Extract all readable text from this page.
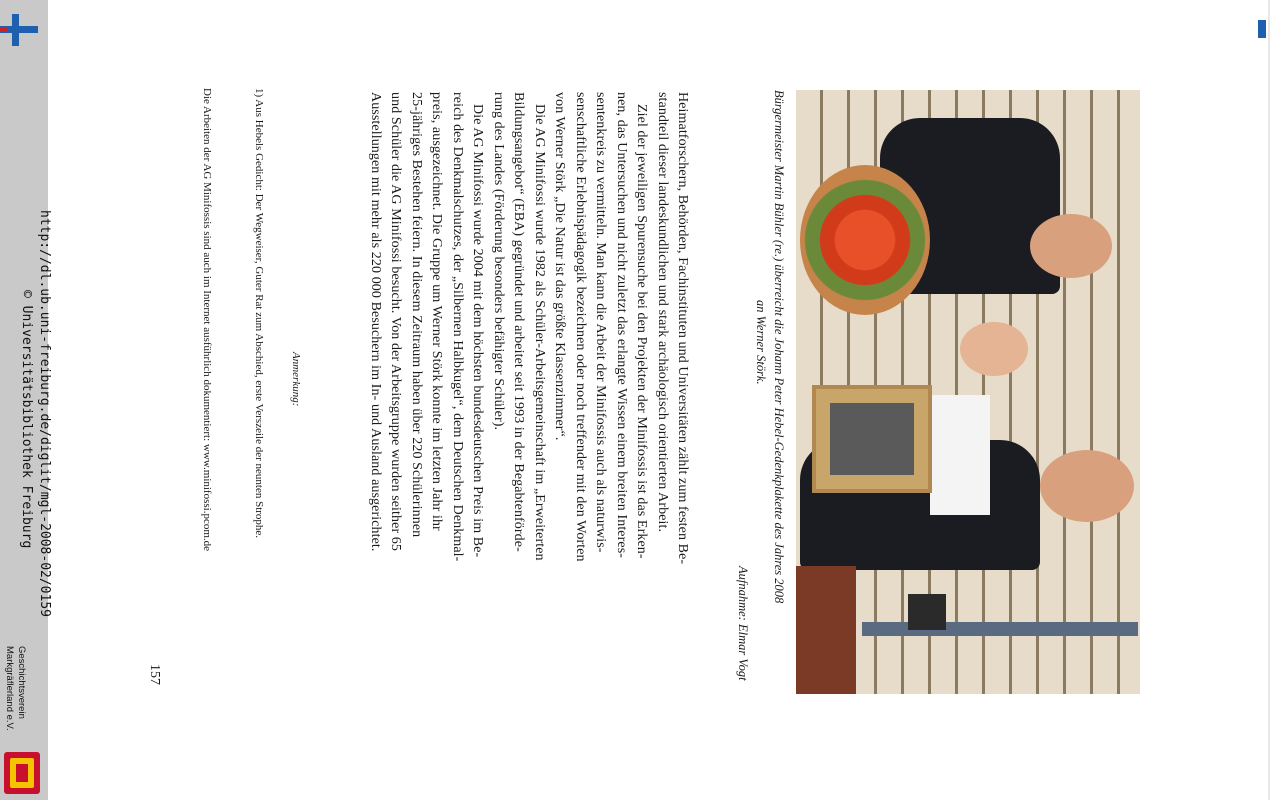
Bürgermeister Martin Bühler (re.) überreicht die Johann Peter Hebel-Gedenkplakette des Jahres 2008
an Werner Störk.
Aufnahme: Elmar Vogt
Heimatforschern, Behörden, Fachinstituten und Universitäten zählt zum festen Be-
standteil dieser landeskundlichen und stark archäologisch orientierten Arbeit.
Ziel der jeweiligen Spurensuche bei den Projekten der Minifossis ist das Erken-
nen, das Untersuchen und nicht zuletzt das erlangte Wissen einem breiten Interes-
sentenkreis zu vermitteln. Man kann die Arbeit der Minifossis auch als naturwis-
senschaftliche Erlebnispädagogik bezeichnen oder noch treffender mit den Worten
von Werner Störk „Die Natur ist das größte Klassenzimmer“.
Die AG Minifossi wurde 1982 als Schüler-Arbeitsgemeinschaft im „Erweiterten
Bildungsangebot“ (EBA) gegründet und arbeitet seit 1993 in der Begabtenförde-
rung des Landes (Förderung besonders befähigter Schüler).
Die AG Minifossi wurde 2004 mit dem höchsten bundesdeutschen Preis im Be-
reich des Denkmalschutzes, der „Silbernen Halbkugel“, dem Deutschen Denkmal-
preis, ausgezeichnet. Die Gruppe um Werner Störk konnte im letzten Jahr ihr
25-jähriges Bestehen feiern. In diesem Zeitraum haben über 220 Schülerinnen
und Schüler die AG Minifossi besucht. Von der Arbeitsgruppe wurden seither 65
Ausstellungen mit mehr als 220 000 Besuchern im In- und Ausland ausgerichtet.
Anmerkung:
1) Aus Hebels Gedicht: Der Wegweiser, Guter Rat zum Abschied, erste Verszeile der neunten Strophe.
Die Arbeiten der AG Minifossis sind auch im Internet ausführlich dokumentiert: www.minifossi.pcom.de
157
http://dl.ub.uni-freiburg.de/diglit/mgl-2008-02/0159
© Universitätsbibliothek Freiburg
Geschichtsverein
Markgräflerland e.V.
